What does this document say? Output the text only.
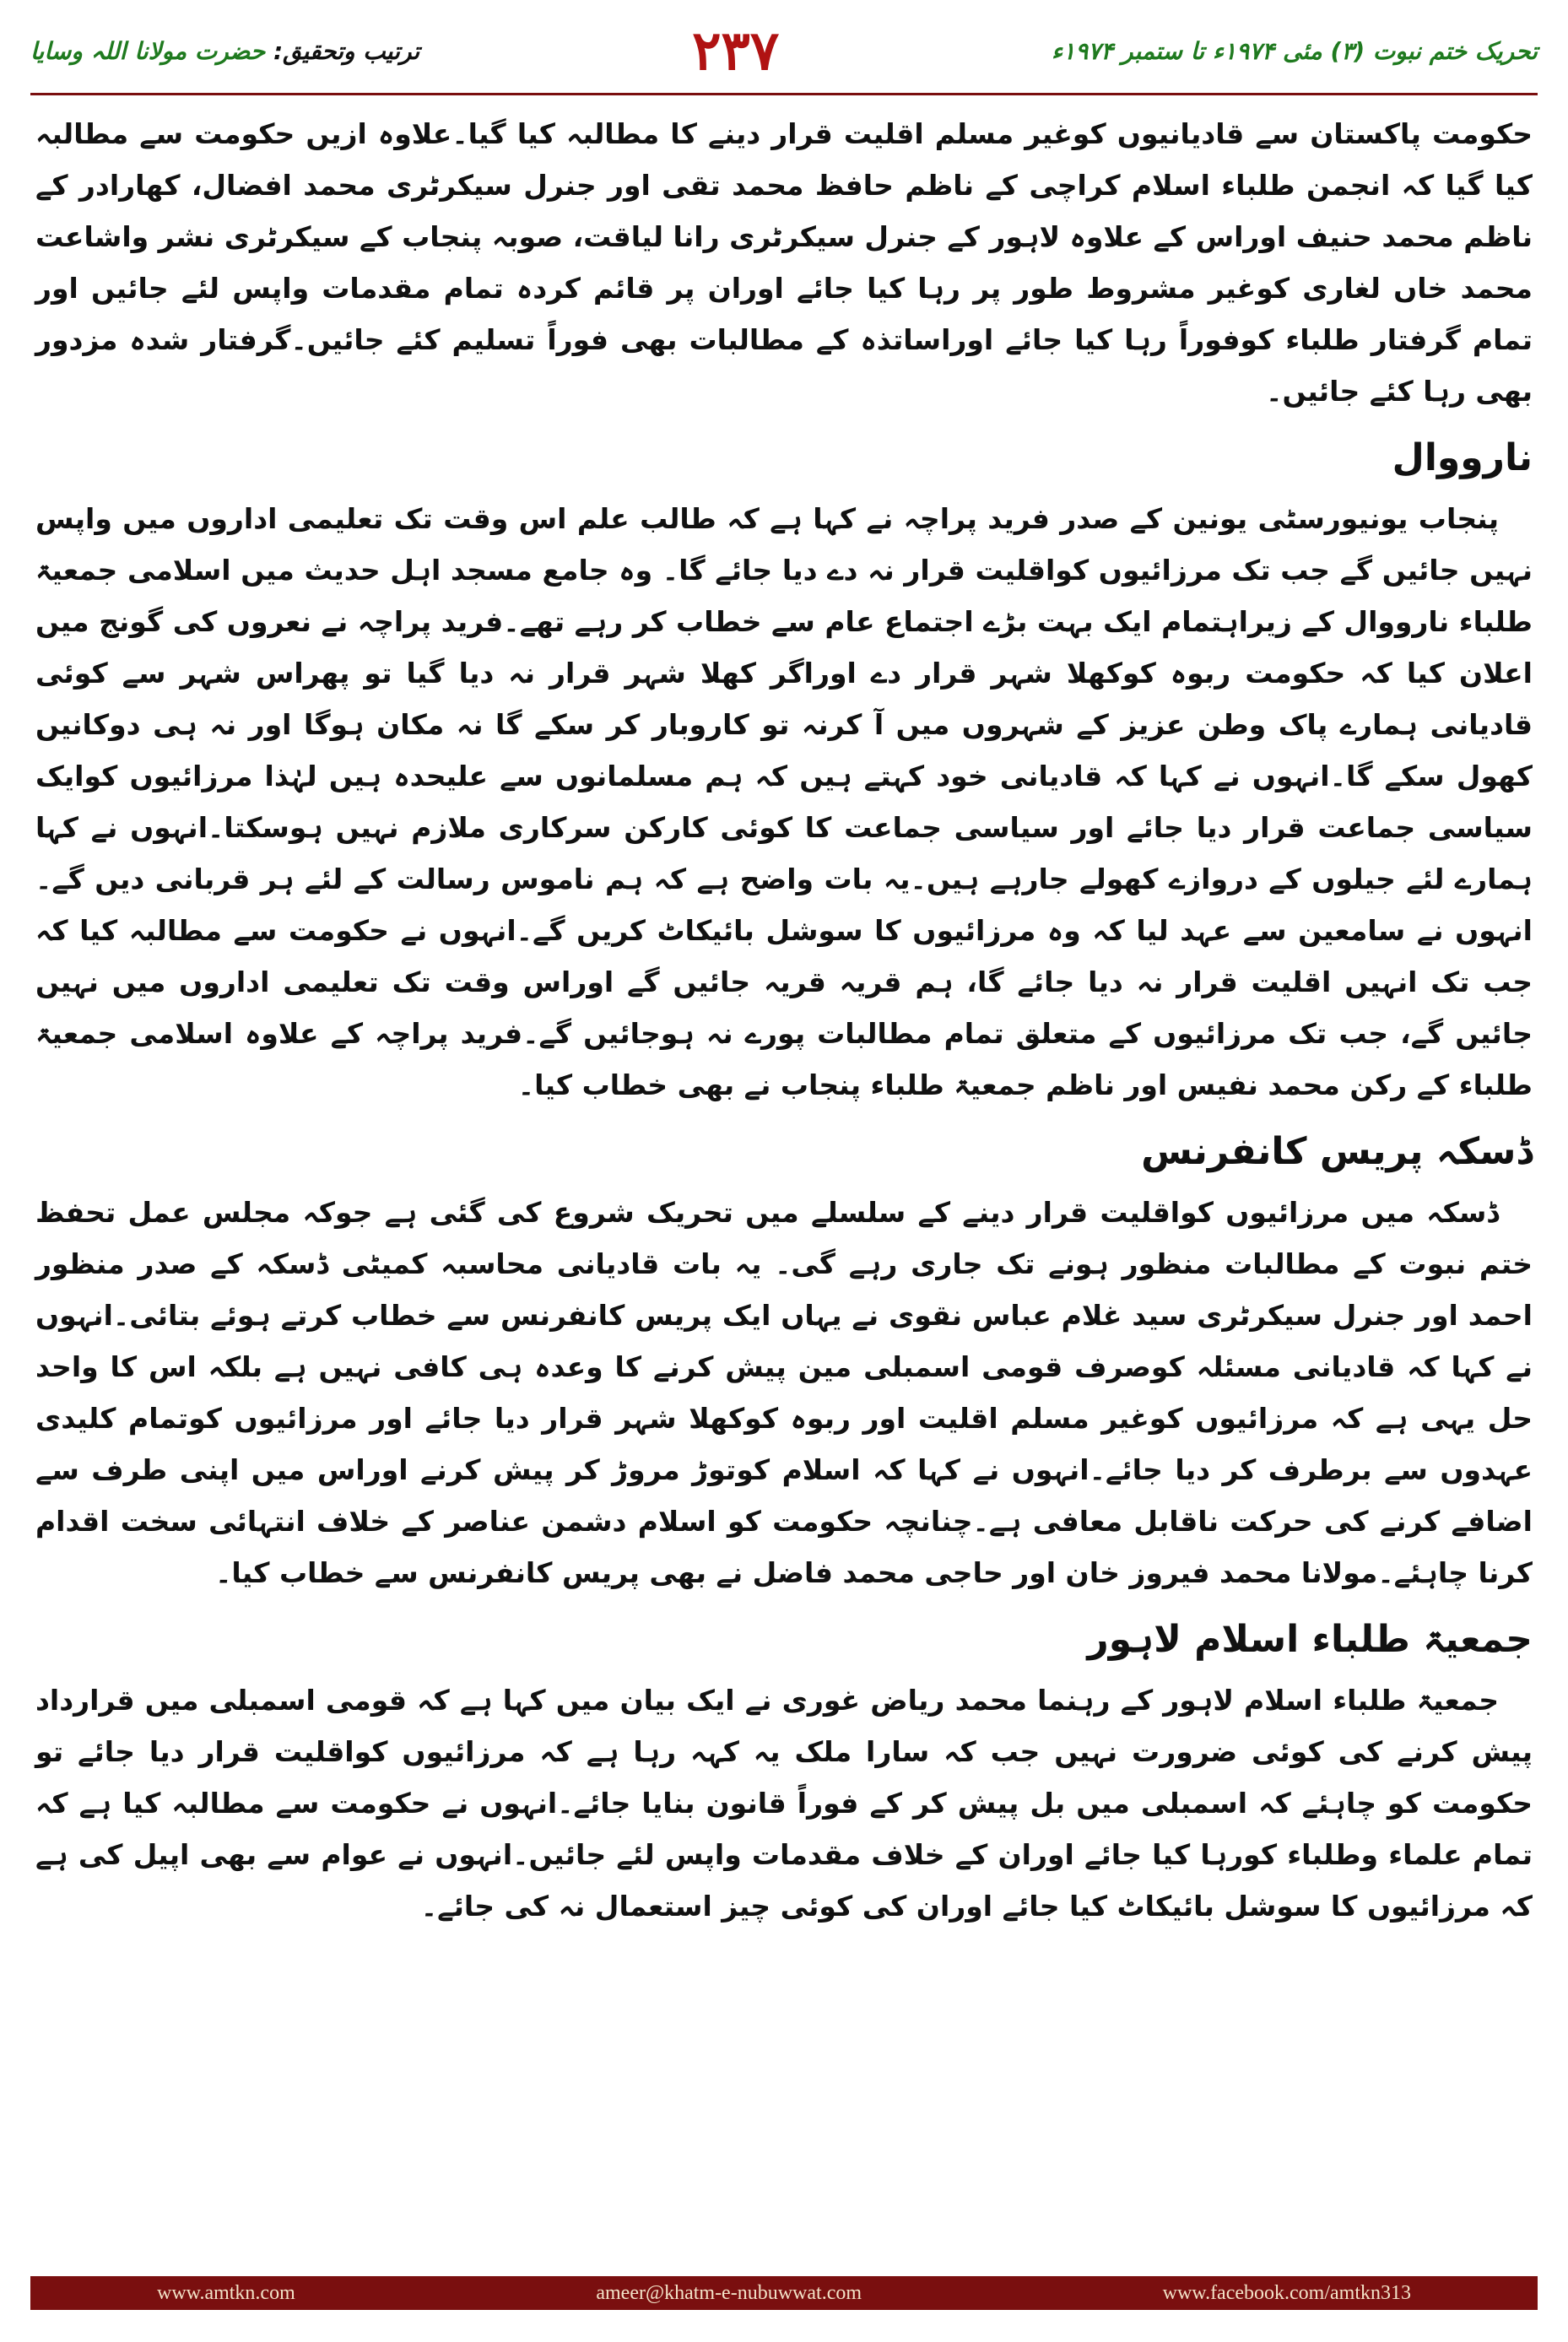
تحریک ختم نبوت (۳) مئی ۱۹۷۴ء تا ستمبر ۱۹۷۴ء
۲۳۷
ترتیب وتحقیق: حضرت مولانا اللہ وسایا

حکومت پاکستان سے قادیانیوں کوغیر مسلم اقلیت قرار دینے کا مطالبہ کیا گیا۔علاوہ ازیں حکومت سے مطالبہ کیا گیا کہ انجمن طلباء اسلام کراچی کے ناظم حافظ محمد تقی اور جنرل سیکرٹری محمد افضال، کھارادر کے ناظم محمد حنیف اوراس کے علاوہ لاہور کے جنرل سیکرٹری رانا لیاقت، صوبہ پنجاب کے سیکرٹری نشر واشاعت محمد خاں لغاری کوغیر مشروط طور پر رہا کیا جائے اوران پر قائم کردہ تمام مقدمات واپس لئے جائیں اور تمام گرفتار طلباء کوفوراً رہا کیا جائے اوراساتذہ کے مطالبات بھی فوراً تسلیم کئے جائیں۔گرفتار شدہ مزدور بھی رہا کئے جائیں۔

نارووال

پنجاب یونیورسٹی یونین کے صدر فرید پراچہ نے کہا ہے کہ طالب علم اس وقت تک تعلیمی اداروں میں واپس نہیں جائیں گے جب تک مرزائیوں کواقلیت قرار نہ دے دیا جائے گا۔ وہ جامع مسجد اہل حدیث میں اسلامی جمعیۃ طلباء نارووال کے زیراہتمام ایک بہت بڑے اجتماع عام سے خطاب کر رہے تھے۔فرید پراچہ نے نعروں کی گونج میں اعلان کیا کہ حکومت ربوہ کوکھلا شہر قرار دے اوراگر کھلا شہر قرار نہ دیا گیا تو پھراس شہر سے کوئی قادیانی ہمارے پاک وطن عزیز کے شہروں میں آ کرنہ تو کاروبار کر سکے گا نہ مکان ہوگا اور نہ ہی دوکانیں کھول سکے گا۔انہوں نے کہا کہ قادیانی خود کہتے ہیں کہ ہم مسلمانوں سے علیحدہ ہیں لہٰذا مرزائیوں کوایک سیاسی جماعت قرار دیا جائے اور سیاسی جماعت کا کوئی کارکن سرکاری ملازم نہیں ہوسکتا۔انہوں نے کہا ہمارے لئے جیلوں کے دروازے کھولے جارہے ہیں۔یہ بات واضح ہے کہ ہم ناموس رسالت کے لئے ہر قربانی دیں گے۔انہوں نے سامعین سے عہد لیا کہ وہ مرزائیوں کا سوشل بائیکاٹ کریں گے۔انہوں نے حکومت سے مطالبہ کیا کہ جب تک انہیں اقلیت قرار نہ دیا جائے گا، ہم قریہ قریہ جائیں گے اوراس وقت تک تعلیمی اداروں میں نہیں جائیں گے، جب تک مرزائیوں کے متعلق تمام مطالبات پورے نہ ہوجائیں گے۔فرید پراچہ کے علاوہ اسلامی جمعیۃ طلباء کے رکن محمد نفیس اور ناظم جمعیۃ طلباء پنجاب نے بھی خطاب کیا۔

ڈسکہ پریس کانفرنس

ڈسکہ میں مرزائیوں کواقلیت قرار دینے کے سلسلے میں تحریک شروع کی گئی ہے جوکہ مجلس عمل تحفظ ختم نبوت کے مطالبات منظور ہونے تک جاری رہے گی۔ یہ بات قادیانی محاسبہ کمیٹی ڈسکہ کے صدر منظور احمد اور جنرل سیکرٹری سید غلام عباس نقوی نے یہاں ایک پریس کانفرنس سے خطاب کرتے ہوئے بتائی۔انہوں نے کہا کہ قادیانی مسئلہ کوصرف قومی اسمبلی مین پیش کرنے کا وعدہ ہی کافی نہیں ہے بلکہ اس کا واحد حل یہی ہے کہ مرزائیوں کوغیر مسلم اقلیت اور ربوہ کوکھلا شہر قرار دیا جائے اور مرزائیوں کوتمام کلیدی عہدوں سے برطرف کر دیا جائے۔انہوں نے کہا کہ اسلام کوتوڑ مروڑ کر پیش کرنے اوراس میں اپنی طرف سے اضافے کرنے کی حرکت ناقابل معافی ہے۔چنانچہ حکومت کو اسلام دشمن عناصر کے خلاف انتہائی سخت اقدام کرنا چاہئے۔مولانا محمد فیروز خان اور حاجی محمد فاضل نے بھی پریس کانفرنس سے خطاب کیا۔

جمعیۃ طلباء اسلام لاہور

جمعیۃ طلباء اسلام لاہور کے رہنما محمد ریاض غوری نے ایک بیان میں کہا ہے کہ قومی اسمبلی میں قرارداد پیش کرنے کی کوئی ضرورت نہیں جب کہ سارا ملک یہ کہہ رہا ہے کہ مرزائیوں کواقلیت قرار دیا جائے تو حکومت کو چاہئے کہ اسمبلی میں بل پیش کر کے فوراً قانون بنایا جائے۔انہوں نے حکومت سے مطالبہ کیا ہے کہ تمام علماء وطلباء کورہا کیا جائے اوران کے خلاف مقدمات واپس لئے جائیں۔انہوں نے عوام سے بھی اپیل کی ہے کہ مرزائیوں کا سوشل بائیکاٹ کیا جائے اوران کی کوئی چیز استعمال نہ کی جائے۔

www.amtkn.com	ameer@khatm-e-nubuwwat.com	www.facebook.com/amtkn313
